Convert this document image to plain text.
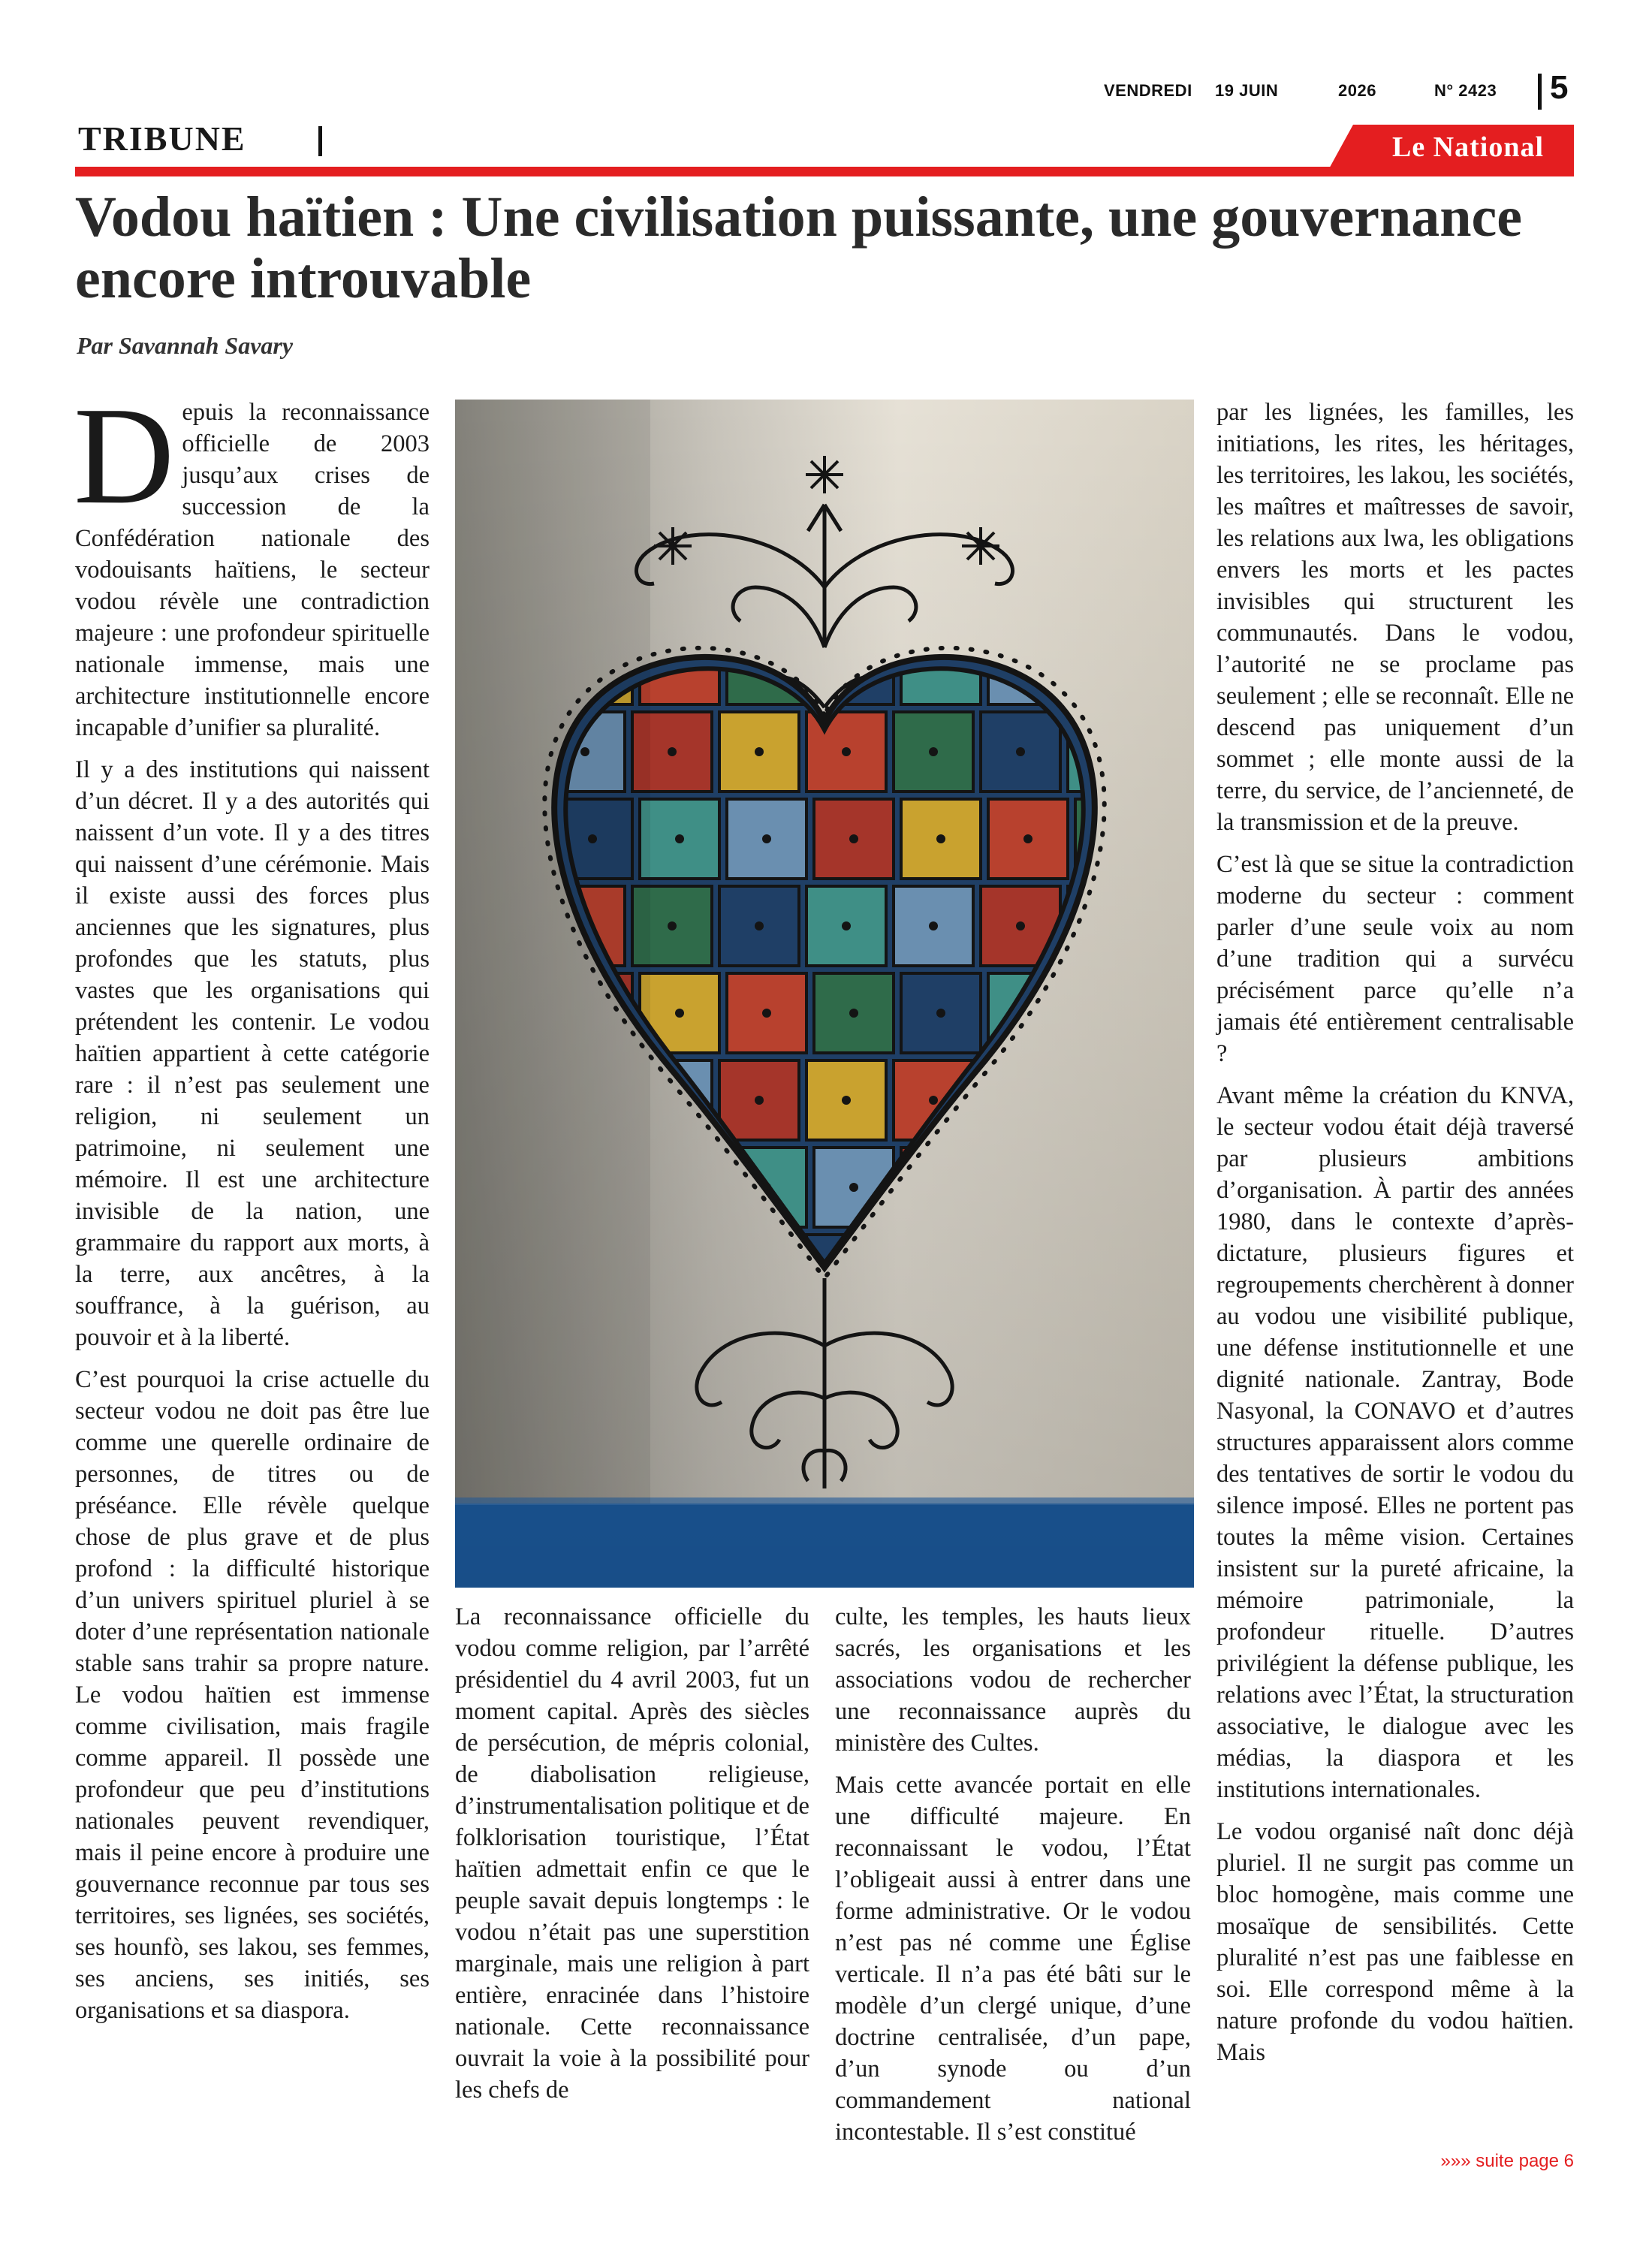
VENDREDI 19 JUIN	2026	N° 2423 5
TRIBUNE	Le National
Vodou haïtien : Une civilisation puissante, une gouvernance encore introuvable
Par Savannah Savary

Depuis la reconnaissance officielle de 2003 jusqu’aux crises de succession de la Confédération nationale des vodouisants haïtiens, le secteur vodou révèle une contradiction majeure : une profondeur spirituelle nationale immense, mais une architecture institutionnelle encore incapable d’unifier sa pluralité.

Il y a des institutions qui naissent d’un décret. Il y a des autorités qui naissent d’un vote. Il y a des titres qui naissent d’une cérémonie. Mais il existe aussi des forces plus anciennes que les signatures, plus profondes que les statuts, plus vastes que les organisations qui prétendent les contenir. Le vodou haïtien appartient à cette catégorie rare : il n’est pas seulement une religion, ni seulement un patrimoine, ni seulement une mémoire. Il est une architecture invisible de la nation, une grammaire du rapport aux morts, à la terre, aux ancêtres, à la souffrance, à la guérison, au pouvoir et à la liberté.

C’est pourquoi la crise actuelle du secteur vodou ne doit pas être lue comme une querelle ordinaire de personnes, de titres ou de préséance. Elle révèle quelque chose de plus grave et de plus profond : la difficulté historique d’un univers spirituel pluriel à se doter d’une représentation nationale stable sans trahir sa propre nature. Le vodou haïtien est immense comme civilisation, mais fragile comme appareil. Il possède une profondeur que peu d’institutions nationales peuvent revendiquer, mais il peine encore à produire une gouvernance reconnue par tous ses territoires, ses lignées, ses sociétés, ses hounfò, ses lakou, ses femmes, ses anciens, ses initiés, ses organisations et sa diaspora.

La reconnaissance officielle du vodou comme religion, par l’arrêté présidentiel du 4 avril 2003, fut un moment capital. Après des siècles de persécution, de mépris colonial, de diabolisation religieuse, d’instrumentalisation politique et de folklorisation touristique, l’État haïtien admettait enfin ce que le peuple savait depuis longtemps : le vodou n’était pas une superstition marginale, mais une religion à part entière, enracinée dans l’histoire nationale. Cette reconnaissance ouvrait la voie à la possibilité pour les chefs de

culte, les temples, les hauts lieux sacrés, les organisations et les associations vodou de rechercher une reconnaissance auprès du ministère des Cultes.

Mais cette avancée portait en elle une difficulté majeure. En reconnaissant le vodou, l’État l’obligeait aussi à entrer dans une forme administrative. Or le vodou n’est pas né comme une Église verticale. Il n’a pas été bâti sur le modèle d’un clergé unique, d’une doctrine centralisée, d’un pape, d’un synode ou d’un commandement national incontestable. Il s’est constitué

par les lignées, les familles, les initiations, les rites, les héritages, les territoires, les lakou, les sociétés, les maîtres et maîtresses de savoir, les relations aux lwa, les obligations envers les morts et les pactes invisibles qui structurent les communautés. Dans le vodou, l’autorité ne se proclame pas seulement ; elle se reconnaît. Elle ne descend pas uniquement d’un sommet ; elle monte aussi de la terre, du service, de l’ancienneté, de la transmission et de la preuve.

C’est là que se situe la contradiction moderne du secteur : comment parler d’une seule voix au nom d’une tradition qui a survécu précisément parce qu’elle n’a jamais été entièrement centralisable ?

Avant même la création du KNVA, le secteur vodou était déjà traversé par plusieurs ambitions d’organisation. À partir des années 1980, dans le contexte d’après-dictature, plusieurs figures et regroupements cherchèrent à donner au vodou une visibilité publique, une défense institutionnelle et une dignité nationale. Zantray, Bode Nasyonal, la CONAVO et d’autres structures apparaissent alors comme des tentatives de sortir le vodou du silence imposé. Elles ne portent pas toutes la même vision. Certaines insistent sur la pureté africaine, la mémoire patrimoniale, la profondeur rituelle. D’autres privilégient la défense publique, les relations avec l’État, la structuration associative, le dialogue avec les médias, la diaspora et les institutions internationales.

Le vodou organisé naît donc déjà pluriel. Il ne surgit pas comme un bloc homogène, mais comme une mosaïque de sensibilités. Cette pluralité n’est pas une faiblesse en soi. Elle correspond même à la nature profonde du vodou haïtien. Mais

»»» suite page 6
